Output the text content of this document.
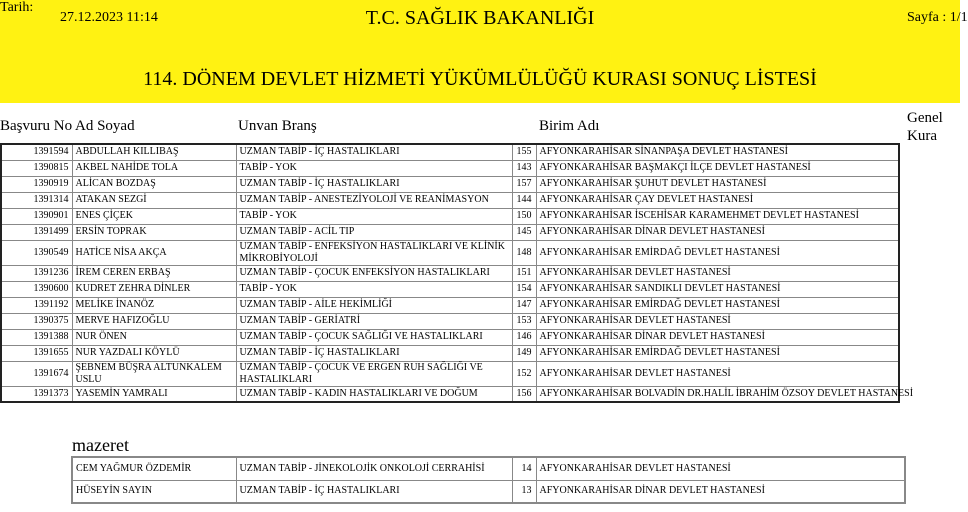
Tarih:
27.12.2023 11:14	T.C. SAĞLIK BAKANLIĞI	Sayfa : 1/1
114. DÖNEM DEVLET HİZMETİ YÜKÜMLÜLÜĞÜ KURASI SONUÇ LİSTESİ
Başvuru No Ad Soyad	Unvan Branş	Birim Adı	Genel
Kura
1391594	ABDULLAH KILLIBAŞ	UZMAN TABİP - İÇ HASTALIKLARI	155	AFYONKARAHİSAR SİNANPAŞA DEVLET HASTANESİ
1390815	AKBEL NAHİDE TOLA	TABİP - YOK	143	AFYONKARAHİSAR BAŞMAKÇI İLÇE DEVLET HASTANESİ
1390919	ALİCAN BOZDAŞ	UZMAN TABİP - İÇ HASTALIKLARI	157	AFYONKARAHİSAR ŞUHUT DEVLET HASTANESİ
1391314	ATAKAN SEZGİ	UZMAN TABİP - ANESTEZİYOLOJİ VE REANİMASYON	144	AFYONKARAHİSAR ÇAY DEVLET HASTANESİ
1390901	ENES ÇİÇEK	TABİP - YOK	150	AFYONKARAHİSAR İSCEHİSAR KARAMEHMET DEVLET HASTANESİ
1391499	ERSİN TOPRAK	UZMAN TABİP - ACİL TIP	145	AFYONKARAHİSAR DİNAR DEVLET HASTANESİ
1390549	HATİCE NİSA AKÇA	UZMAN TABİP - ENFEKSİYON HASTALIKLARI VE KLİNİK MİKROBİYOLOJİ	148	AFYONKARAHİSAR EMİRDAĞ DEVLET HASTANESİ
1391236	İREM CEREN ERBAŞ	UZMAN TABİP - ÇOCUK ENFEKSİYON HASTALIKLARI	151	AFYONKARAHİSAR DEVLET HASTANESİ
1390600	KUDRET ZEHRA DİNLER	TABİP - YOK	154	AFYONKARAHİSAR SANDIKLI DEVLET HASTANESİ
1391192	MELİKE İNANÖZ	UZMAN TABİP - AİLE HEKİMLİĞİ	147	AFYONKARAHİSAR EMİRDAĞ DEVLET HASTANESİ
1390375	MERVE HAFIZOĞLU	UZMAN TABİP - GERİATRİ	153	AFYONKARAHİSAR DEVLET HASTANESİ
1391388	NUR ÖNEN	UZMAN TABİP - ÇOCUK SAĞLIĞI VE HASTALIKLARI	146	AFYONKARAHİSAR DİNAR DEVLET HASTANESİ
1391655	NUR YAZDALI KÖYLÜ	UZMAN TABİP - İÇ HASTALIKLARI	149	AFYONKARAHİSAR EMİRDAĞ DEVLET HASTANESİ
1391674	ŞEBNEM BÜŞRA ALTUNKALEM USLU	UZMAN TABİP - ÇOCUK VE ERGEN RUH SAĞLIĞI VE HASTALIKLARI	152	AFYONKARAHİSAR DEVLET HASTANESİ
1391373	YASEMİN YAMRALI	UZMAN TABİP - KADIN HASTALIKLARI VE DOĞUM	156	AFYONKARAHİSAR BOLVADİN DR.HALİL İBRAHİM ÖZSOY DEVLET HASTANESİ
mazeret
CEM YAĞMUR ÖZDEMİR	UZMAN TABİP - JİNEKOLOJİK ONKOLOJİ CERRAHİSİ	14	AFYONKARAHİSAR DEVLET HASTANESİ
HÜSEYİN SAYIN	UZMAN TABİP - İÇ HASTALIKLARI	13	AFYONKARAHİSAR DİNAR DEVLET HASTANESİ
